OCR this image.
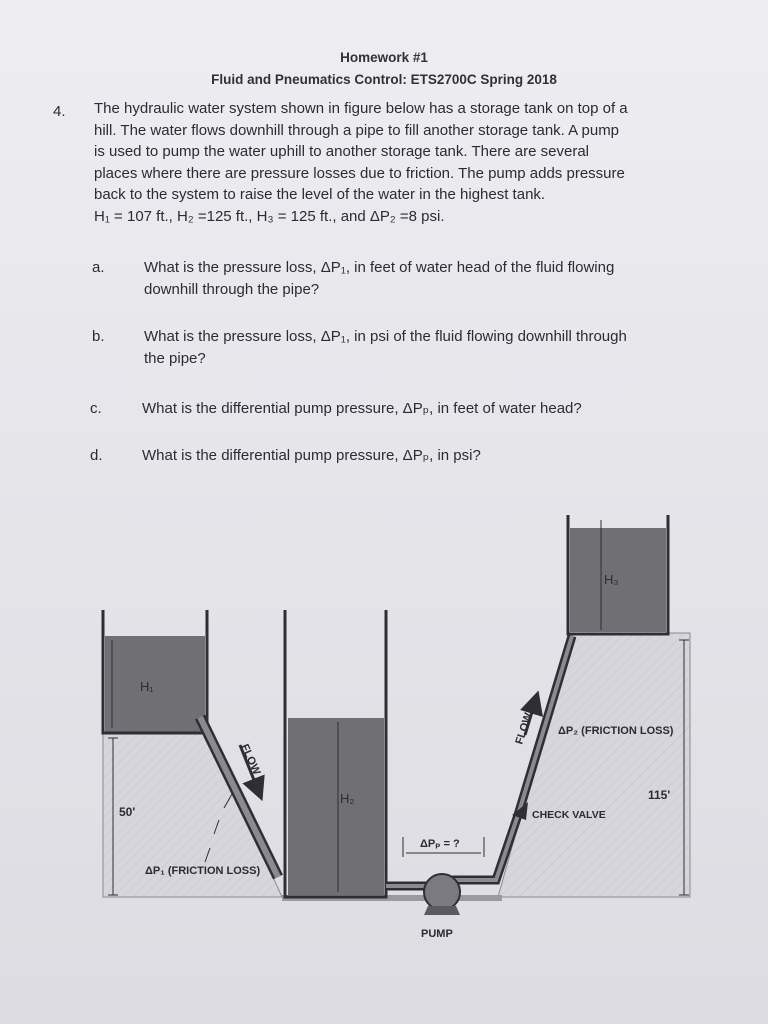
Homework #1
Fluid and Pneumatics Control: ETS2700C Spring 2018
4. The hydraulic water system shown in figure below has a storage tank on top of a
hill. The water flows downhill through a pipe to fill another storage tank. A pump
is used to pump the water uphill to another storage tank. There are several
places where there are pressure losses due to friction. The pump adds pressure
back to the system to raise the level of the water in the highest tank.
H₁ = 107 ft., H₂ =125 ft., H₃ = 125 ft., and ΔP₂ =8 psi.
a.	What is the pressure loss, ΔP₁, in feet of water head of the fluid flowing
downhill through the pipe?
b.	What is the pressure loss, ΔP₁, in psi of the fluid flowing downhill through
the pipe?
c.	What is the differential pump pressure, ΔPₚ, in feet of water head?
d.	What is the differential pump pressure, ΔPₚ, in psi?
H₁
H₂
H₃
50'
115'
FLOW
FLOW ΔP₂ (FRICTION LOSS)
CHECK VALVE
ΔP₁ (FRICTION LOSS)
ΔPₚ = ?
PUMP
